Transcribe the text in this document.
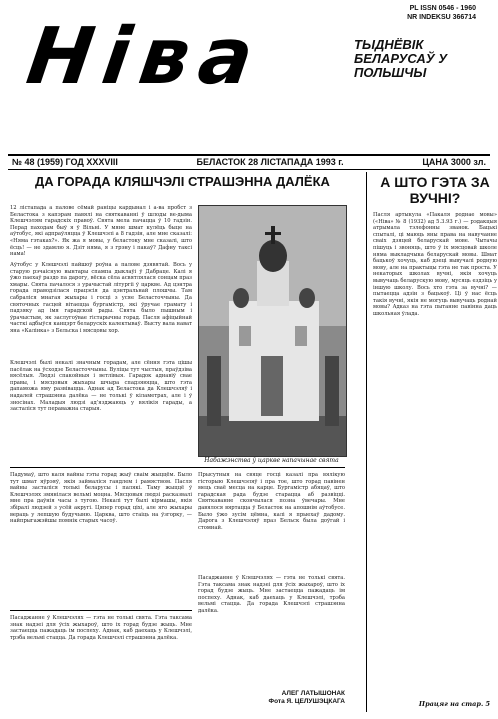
Ніва
PL ISSN 0546 - 1960
NR INDEKSU 366714
ТЫДНЁВІК БЕЛАРУСАЎ У ПОЛЬШЧЫ
№ 48 (1959) ГОД XXXVIII	БЕЛАСТОК 28 ЛІСТАПАДА 1993 г.	ЦАНА 3000 зл.
ДА ГОРАДА КЛЯШЧЭЛІ СТРАШЭННА ДАЛЁКА
12 лістапада а палове сёмай раніцы кардынал і а-ва пробст з Беластока з капэрам павялі на святкаванні ў шлоды ве-дыма Клешчэлям гарадскіх правоў. Свята мела пачацца ў 10 гадзін. Перад паходам быў я ў Вільні. У мяне шмат кулёць быце на аўтобус, які адпраўляцца ў Клешчэлі а 8 гадзін, але мне сказалі: «Няма гэтаках?». Як жа я мовы, у беластоку мне сказалі, што ёсць! — не здамлю я. Дзіт няма, я з грэну і пакаў? Дафну таксі нама!
Аўтобус у Клешчэлі пайшоў роўна а палове дзявятай. Вось у старую рэчаісную вынтары спампа дыклаўі ў Дабраце. Калі я ўжо паехаў раздо па дарогу, вёска сёла асвятлялася сонцам праз хмары. Свята пачалося з урачыстай літургіі ў царкве. Ад цэнтра горада праводзілася працэсія да цэнтральнай плошчы. Там сабраліся мнагая жыхары і госці з усяе Беласточчыны. Да святочных гасцей вітаецца бургамістр, які ўручае грамату і падзяку ад імя гарадской рады. Свята было пышным і ўрачыстым, як заслугоўвае гістарычны горад. Пасля афіцыйнай часткі адбыўся канцэрт беларускіх калектываў. Высту вала нават яна «Калінка» з Бельска і мясцовы хор.
Клешчэлі былі некалі значным горадам, але сёння гэта цішы пасёлак на ўсходзе Беласточчыны. Вуліцы тут чыстыя, праўдзіва вясёлыя. Людзі спакойныя і ветлівыя. Гарадок аднавіў свае правы, і мясцовыя жыхары шчыра спадзяюцца, што гэта дапаможа яму развівацца. Аднак ад Беластока да Клешчэляў і надалей страшэнна далёка — не толькі ў кіламетрах, але і ў зносінах. Маладыя людзі ад’язджаюць у вялікія гарады, а засталіся тут пераважна старыя.
Набажэнства ў царкве напачынае свята
Падумаў, што каля вайны гэты горад жыў сваім жыццём. Было тут шмат яўрэяў, якія займаліся гандлем і рамяством. Пасля вайны засталіся толькі беларусы і палякі. Таму жыццё ў Клешчэлях змянілася вельмі моцна. Мясцовыя людзі расказвалі мне пра даўнія часы з тугою. Некалі тут былі кірмашы, якія збіралі людзей з усёй акругі. Цяпер горад ціхі, але яго жыхары вераць у лепшую будучыню. Царква, што стаіць на ўзгорку, — найпрыгажэйшы помнік старых часоў.
Прысутныя на свяце госці казалі пра вялікую гісторыю Клешчэляў і пра тое, што горад павінен мець сваё месца на карце. Бургамістр абяцаў, што гарадская рада будзе старацца аб развіцці. Святкаванне скончылася позна ўвечары. Мне давялося вяртацца ў Беласток на апошнім аўтобусе. Было ўжо зусім цёмна, калі я прыехаў дадому. Дарога з Клешчэляў праз Бельск была доўгай і стомнай.
Пасаджанне ў Клешчэлях — гэта не толькі свята. Гэта таксама знак надзеі для ўсіх жыхароў, што іх горад будзе жыць. Мне застаецца пажадаць ім поспеху. Аднак, каб даехаць у Клешчэлі, трэба вельмі стацца. Да горада Клешчэлі страшэнна далёка.
Пасаджанне ў Клешчэлях — гэта не толькі свята. Гэта таксама знак надзеі для ўсіх жыхароў, што іх горад будзе жыць. Мне застаецца пажадаць ім поспеху. Аднак, каб даехаць у Клешчэлі, трэба вельмі стацца. Да горада Клешчэлі страшэнна далёка.
АЛЕГ ЛАТЫШОНАК
Фота Я. ЦЕЛУШЭЦКАГА
А ШТО ГЭТА ЗА ВУЧНІ?
Пасля артыкула «Пакаля роднае мовы» («Ніва» № 8 (1932) ад 5.3.93 г.) — рэдакцыя атрымала тэлефонны званок. Бацькі спыталі, ці маюць яны права на навучанне сваіх дзяцей беларускай мове. Чытачы пішуць і звоняць, што ў іх мясцовай школе няма выкладчыка беларускай мовы. Шмат бацькоў хочуць, каб дзеці вывучалі родную мову, але на практыцы гэта не так проста. У некаторых школах вучні, якія хочуць вывучаць беларускую мову, мусяць ездзіць у іншую школу. Вось хто гэта за вучні? — пытаецца адзін з бацькоў. Ці ў нас ёсць такія вучні, якія не могуць вывучаць роднай мовы? Адказ на гэта пытанне павінна даць школьная ўлада.
Працяг на стар. 5
